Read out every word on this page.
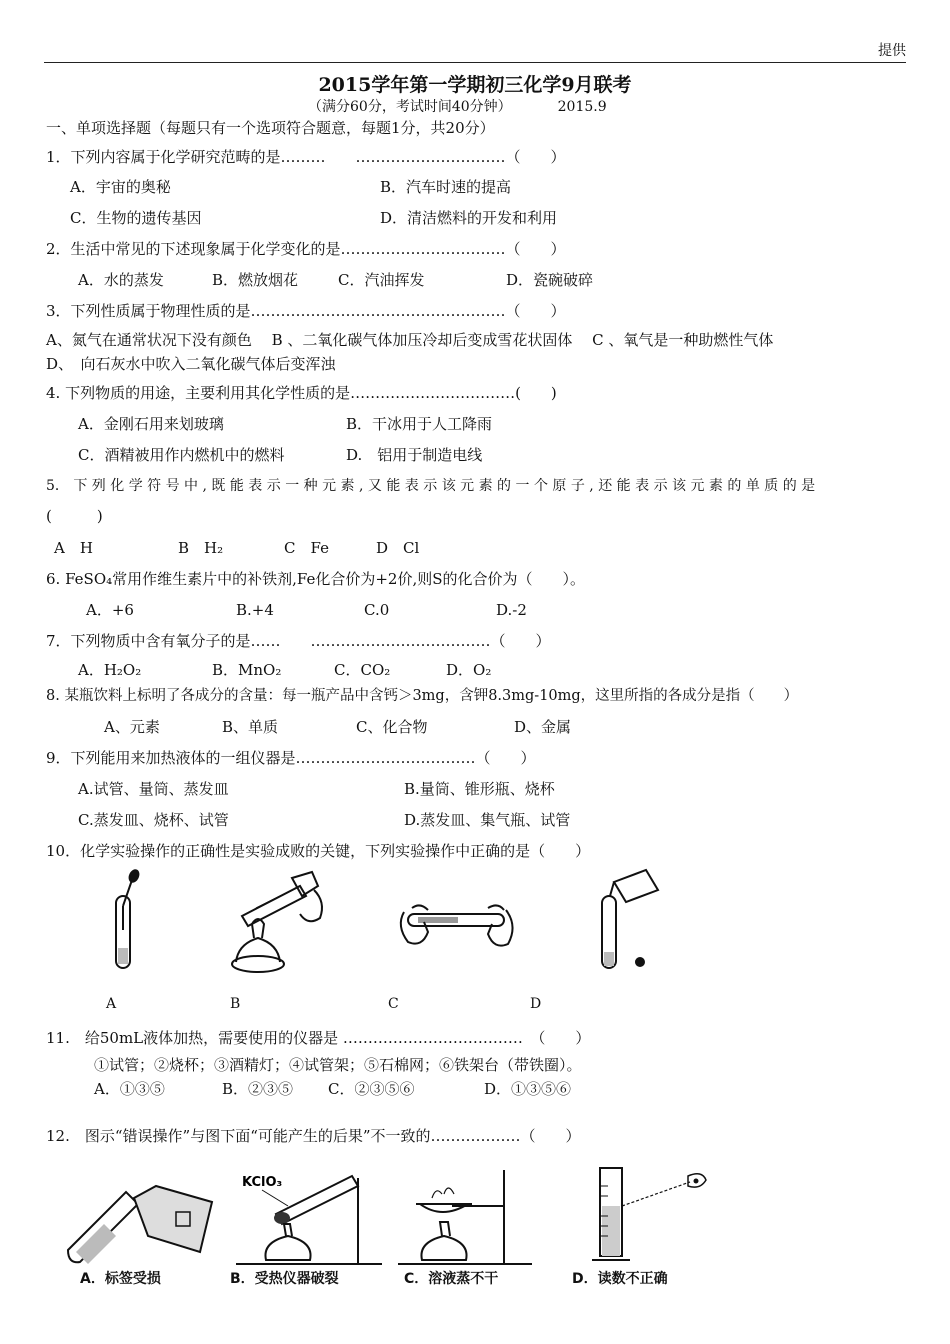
提供
2015学年第一学期初三化学9月联考
（满分60分，考试时间40分钟）	2015.9
一、单项选择题（每题只有一个选项符合题意，每题1分，共20分）
1．下列内容属于化学研究范畴的是………　　…………………………（　　）
A．宇宙的奥秘	B．汽车时速的提高
C．生物的遗传基因	D．清洁燃料的开发和利用
2．生活中常见的下述现象属于化学变化的是……………………………（　　）
A．水的蒸发	B．燃放烟花	C．汽油挥发	D．瓷碗破碎
3．下列性质属于物理性质的是……………………………………………（　　）
A、氮气在通常状况下没有颜色　 B 、二氧化碳气体加压冷却后变成雪花状固体　 C 、氧气是一种助燃性气体
D、　向石灰水中吹入二氧化碳气体后变浑浊
4. 下列物质的用途，主要利用其化学性质的是……………………………(　　)
A．金刚石用来划玻璃	B．干冰用于人工降雨
C．酒精被用作内燃机中的燃料	D.　铝用于制造电线
5． 下 列 化 学 符 号 中 , 既 能 表 示 一 种 元 素 , 又 能 表 示 该 元 素 的 一 个 原 子 , 还 能 表 示 该 元 素 的 单 质 的 是
(　　　)
A　H	B　H₂	C　Fe	D　Cl
6. FeSO₄常用作维生素片中的补铁剂,Fe化合价为+2价,则S的化合价为（　　）。
A．+6	B.+4	C.0	D.-2
7．下列物质中含有氧分子的是……　　………………………………（　　）
A．H₂O₂	B．MnO₂	C．CO₂	D．O₂
8. 某瓶饮料上标明了各成分的含量：每一瓶产品中含钙＞3mg，含钾8.3mg-10mg，这里所指的各成分是指（　　）
A、元素	B、单质	C、化合物	D、金属
9．下列能用来加热液体的一组仪器是………………………………（　　）
A.试管、量筒、蒸发皿	B.量筒、锥形瓶、烧杯
C.蒸发皿、烧杯、试管	D.蒸发皿、集气瓶、试管
10．化学实验操作的正确性是实验成败的关键，下列实验操作中正确的是（　　）
A	B	C	D
11.　给50mL液体加热，需要使用的仪器是 ………………………………　（　　）
①试管；②烧杯；③酒精灯；④试管架；⑤石棉网；⑥铁架台（带铁圈）。
A．①③⑤	B．②③⑤ C．②③⑤⑥	D．①③⑤⑥
12.　图示“错误操作”与图下面“可能产生的后果”不一致的………………（　　）
KClO₃
A．标签受损	B．受热仪器破裂	C．溶液蒸不干	D．读数不正确
